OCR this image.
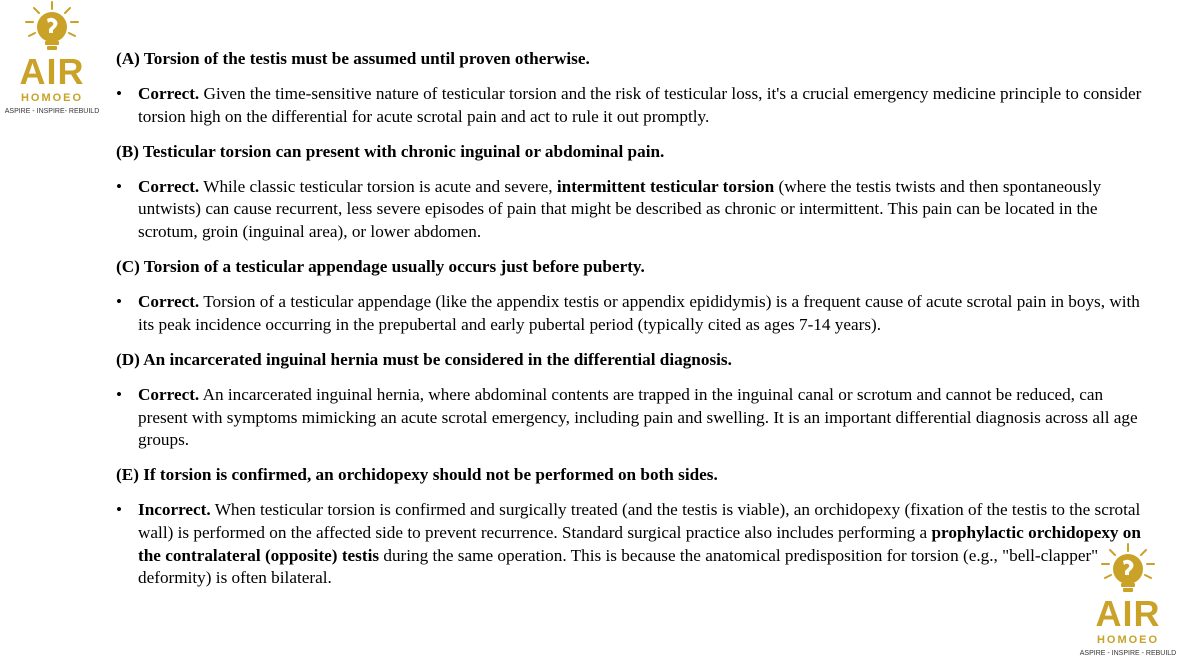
AIR
HOMOEO
ASPIRE - INSPIRE- REBUILD
(A) Torsion of the testis must be assumed until proven otherwise.
• Correct. Given the time-sensitive nature of testicular torsion and the risk of testicular loss, it's a crucial emergency medicine principle to consider torsion high on the differential for acute scrotal pain and act to rule it out promptly.
(B) Testicular torsion can present with chronic inguinal or abdominal pain.
• Correct. While classic testicular torsion is acute and severe, intermittent testicular torsion (where the testis twists and then spontaneously untwists) can cause recurrent, less severe episodes of pain that might be described as chronic or intermittent. This pain can be located in the scrotum, groin (inguinal area), or lower abdomen.
(C) Torsion of a testicular appendage usually occurs just before puberty.
• Correct. Torsion of a testicular appendage (like the appendix testis or appendix epididymis) is a frequent cause of acute scrotal pain in boys, with its peak incidence occurring in the prepubertal and early pubertal period (typically cited as ages 7-14 years).
(D) An incarcerated inguinal hernia must be considered in the differential diagnosis.
• Correct. An incarcerated inguinal hernia, where abdominal contents are trapped in the inguinal canal or scrotum and cannot be reduced, can present with symptoms mimicking an acute scrotal emergency, including pain and swelling. It is an important differential diagnosis across all age groups.
(E) If torsion is confirmed, an orchidopexy should not be performed on both sides.
• Incorrect. When testicular torsion is confirmed and surgically treated (and the testis is viable), an orchidopexy (fixation of the testis to the scrotal wall) is performed on the affected side to prevent recurrence. Standard surgical practice also includes performing a prophylactic orchidopexy on the contralateral (opposite) testis during the same operation. This is because the anatomical predisposition for torsion (e.g., "bell-clapper" deformity) is often bilateral.
AIR
HOMOEO
ASPIRE - INSPIRE - REBUILD
